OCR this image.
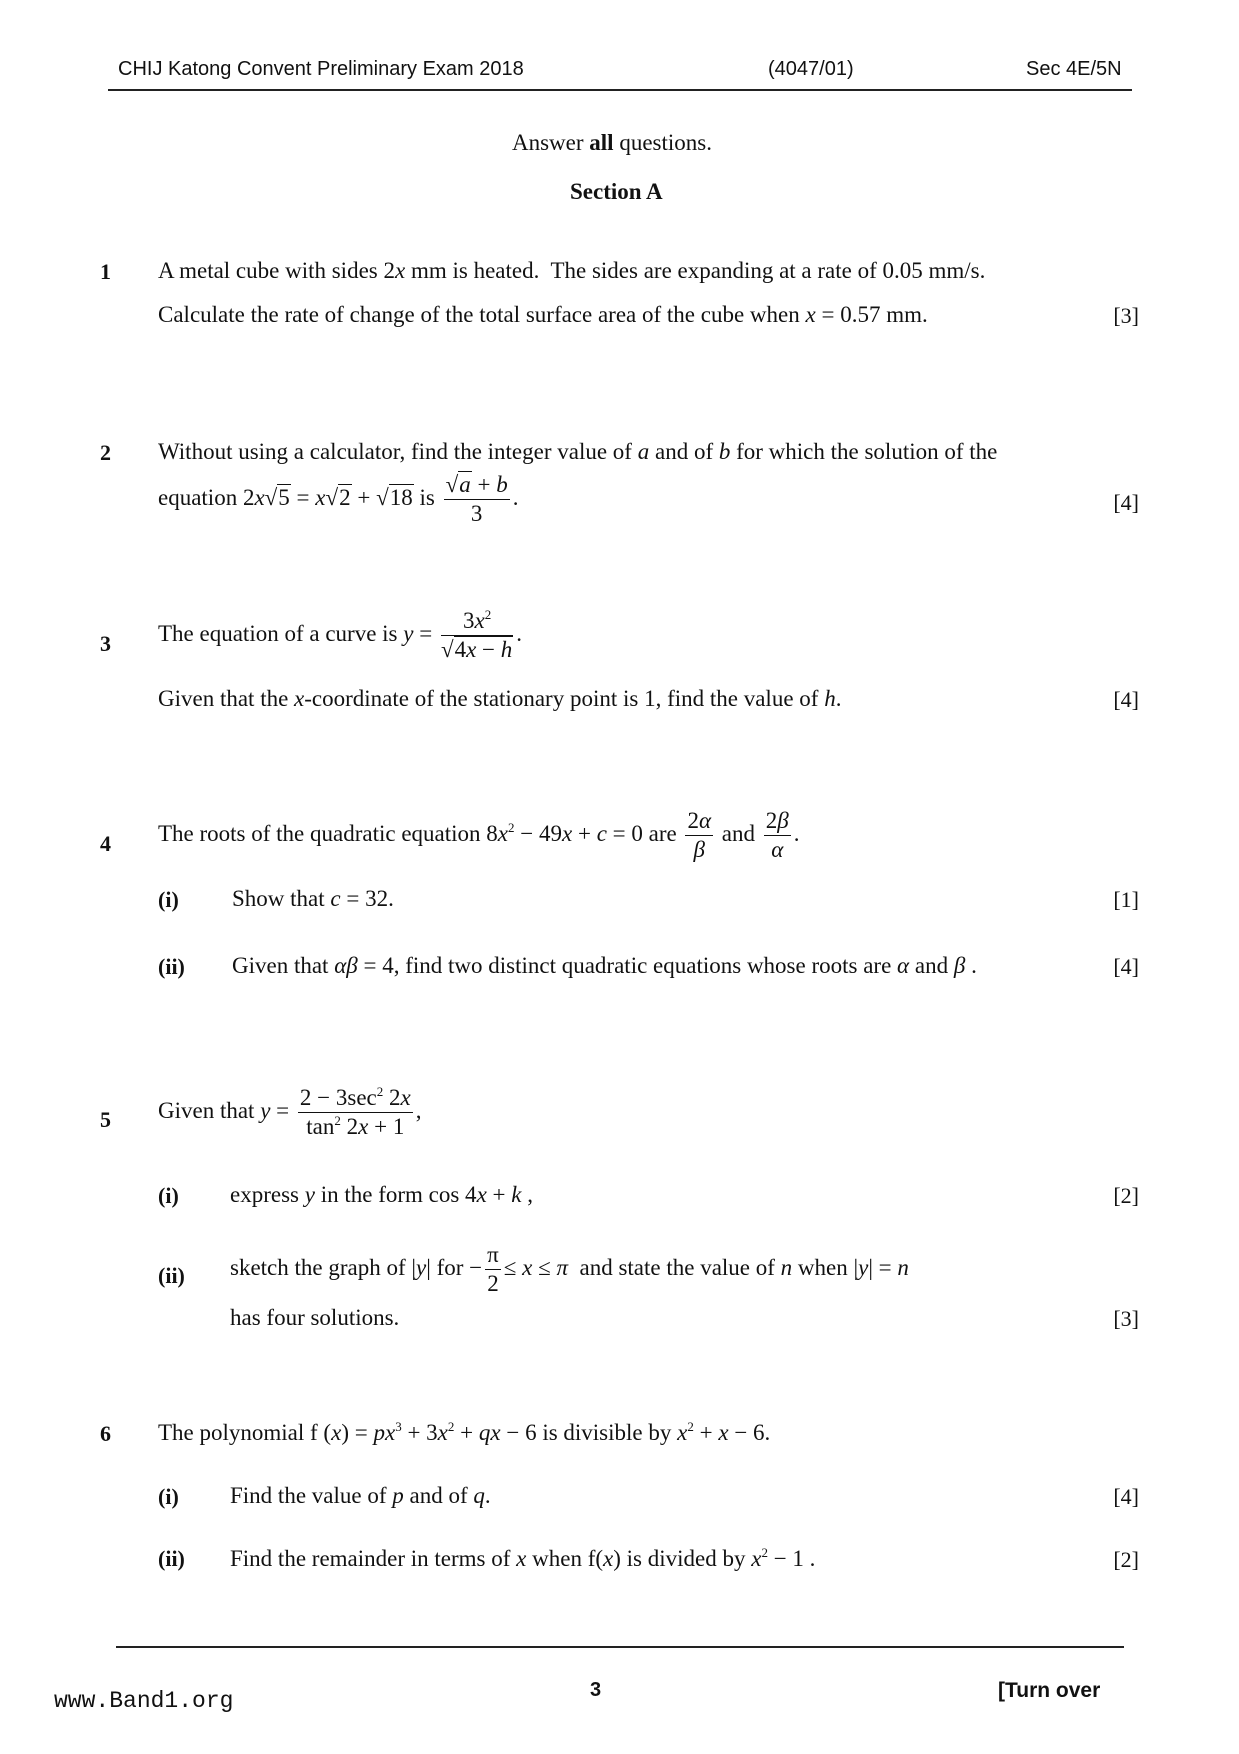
CHIJ Katong Convent Preliminary Exam 2018	(4047/01)	Sec 4E/5N
Answer all questions.
Section A
1 A metal cube with sides 2x mm is heated.  The sides are expanding at a rate of 0.05 mm/s.
Calculate the rate of change of the total surface area of the cube when x = 0.57 mm.	[3]
2 Without using a calculator, find the integer value of a and of b for which the solution of the
equation 2x√5 = x√2 + √18 is $\frac{√a + b}{3}$ .	[4]
3 The equation of a curve is $y = \frac{3x^2}{√4x - h}$ .
Given that the x-coordinate of the stationary point is 1, find the value of h.	[4]
4 The roots of the quadratic equation $8x^2 - 49x + c = 0$ are $\frac{2\alpha}{\beta}$ and $\frac{2\beta}{\alpha}$ .
(i) Show that c = 32.	[1]
(ii) Given that αβ = 4, find two distinct quadratic equations whose roots are α and β .	[4]
5 Given that $y = \frac{2 - 3\sec^2 2x}{\tan^2 2x + 1}$ ,
(i) express y in the form cos 4x + k ,	[2]
(ii) sketch the graph of |y| for − $\frac{\pi}{2} \le x \le \pi$  and state the value of n when |y| = n
has four solutions.	[3]
6 The polynomial f $(x) = px^3 + 3x^2$ + qx − 6 is divisible by $x^2 + x - 6$.
(i) Find the value of p and of q.	[4]
(ii) Find the remainder in terms of x when f(x) is divided by $x^2 - 1$ .	[2]
www.Band1.org	3	[Turn over
